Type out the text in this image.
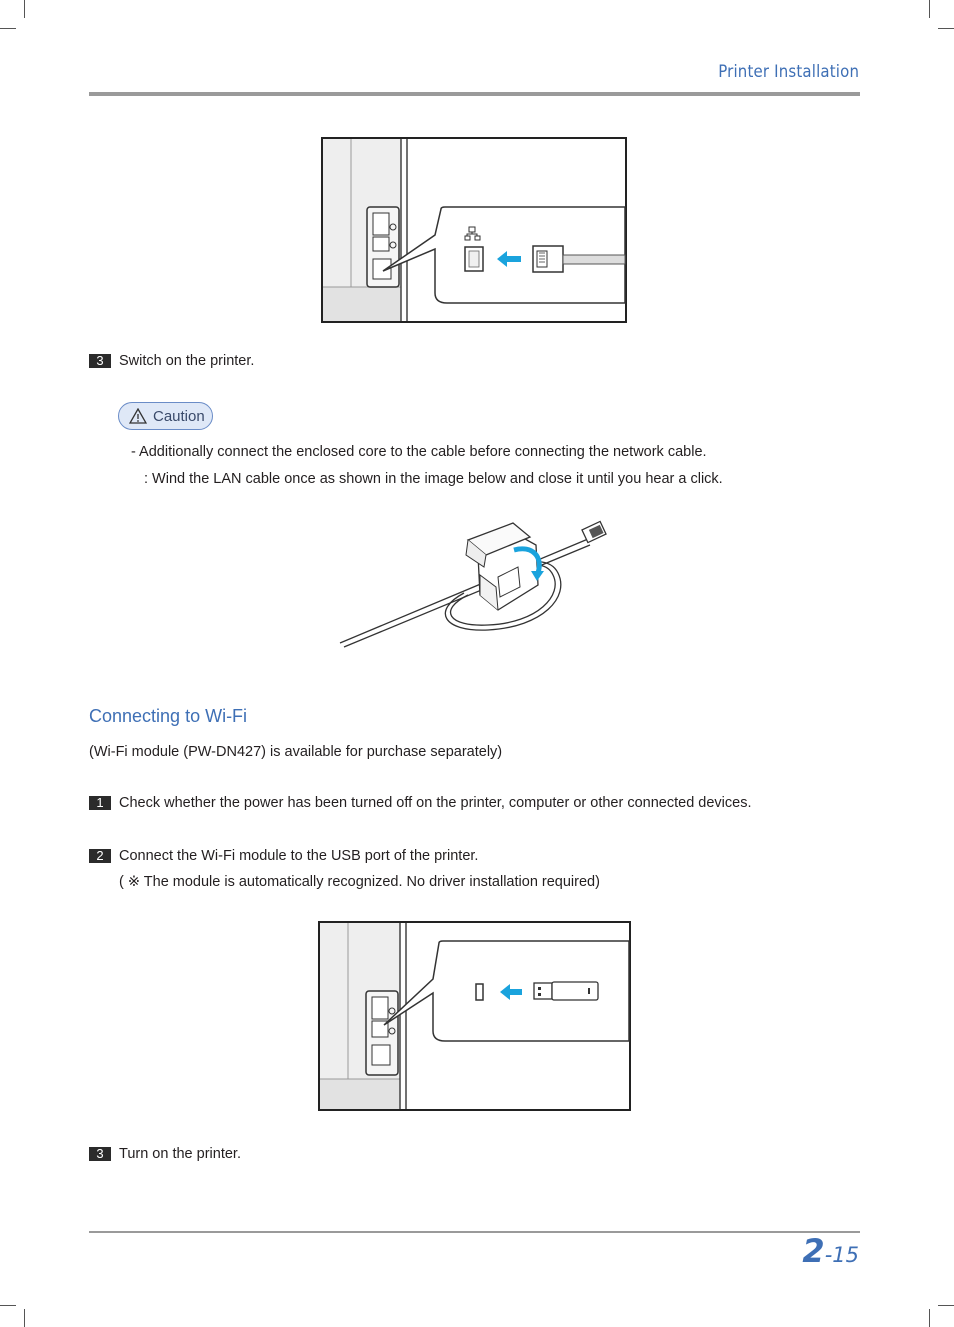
Printer Installation
3	Switch on the printer.
Caution
- Additionally connect the enclosed core to the cable before connecting the network cable.
: Wind the LAN cable once as shown in the image below and close it until you hear a click.
Connecting to Wi-Fi
(Wi-Fi module (PW-DN427) is available for purchase separately)
1	Check whether the power has been turned off on the printer, computer or other connected devices.
2	Connect the Wi-Fi module to the USB port of the printer.
( ※ The module is automatically recognized. No driver installation required)
3	Turn on the printer.
2-15
